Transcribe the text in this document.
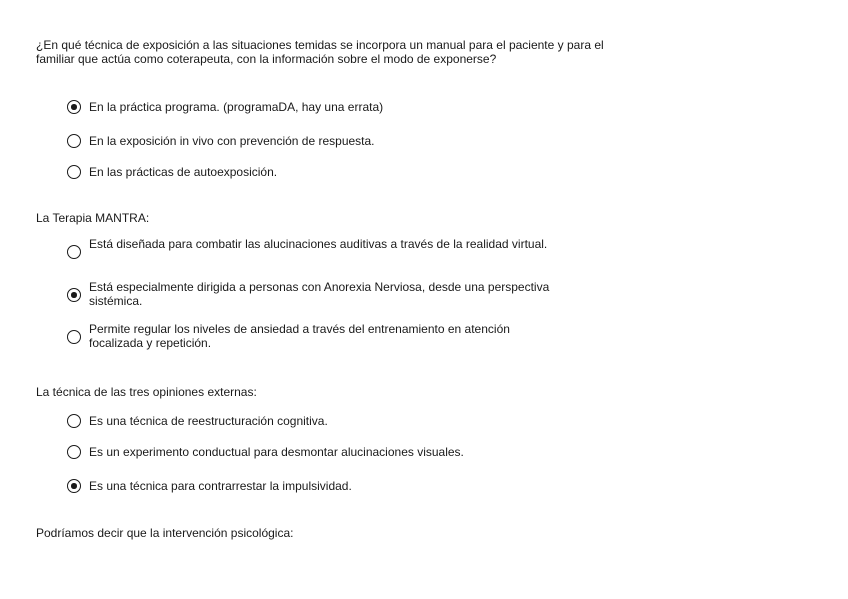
¿En qué técnica de exposición a las situaciones temidas se incorpora un manual para el paciente y para el familiar que actúa como coterapeuta, con la información sobre el modo de exponerse?

En la práctica programa. (programaDA, hay una errata)
En la exposición in vivo con prevención de respuesta.
En las prácticas de autoexposición.

La Terapia MANTRA:

Está diseñada para combatir las alucinaciones auditivas a través de la realidad virtual.
Está especialmente dirigida a personas con Anorexia Nerviosa, desde una perspectiva sistémica.
Permite regular los niveles de ansiedad a través del entrenamiento en atención focalizada y repetición.

La técnica de las tres opiniones externas:

Es una técnica de reestructuración cognitiva.
Es un experimento conductual para desmontar alucinaciones visuales.
Es una técnica para contrarrestar la impulsividad.

Podríamos decir que la intervención psicológica:
